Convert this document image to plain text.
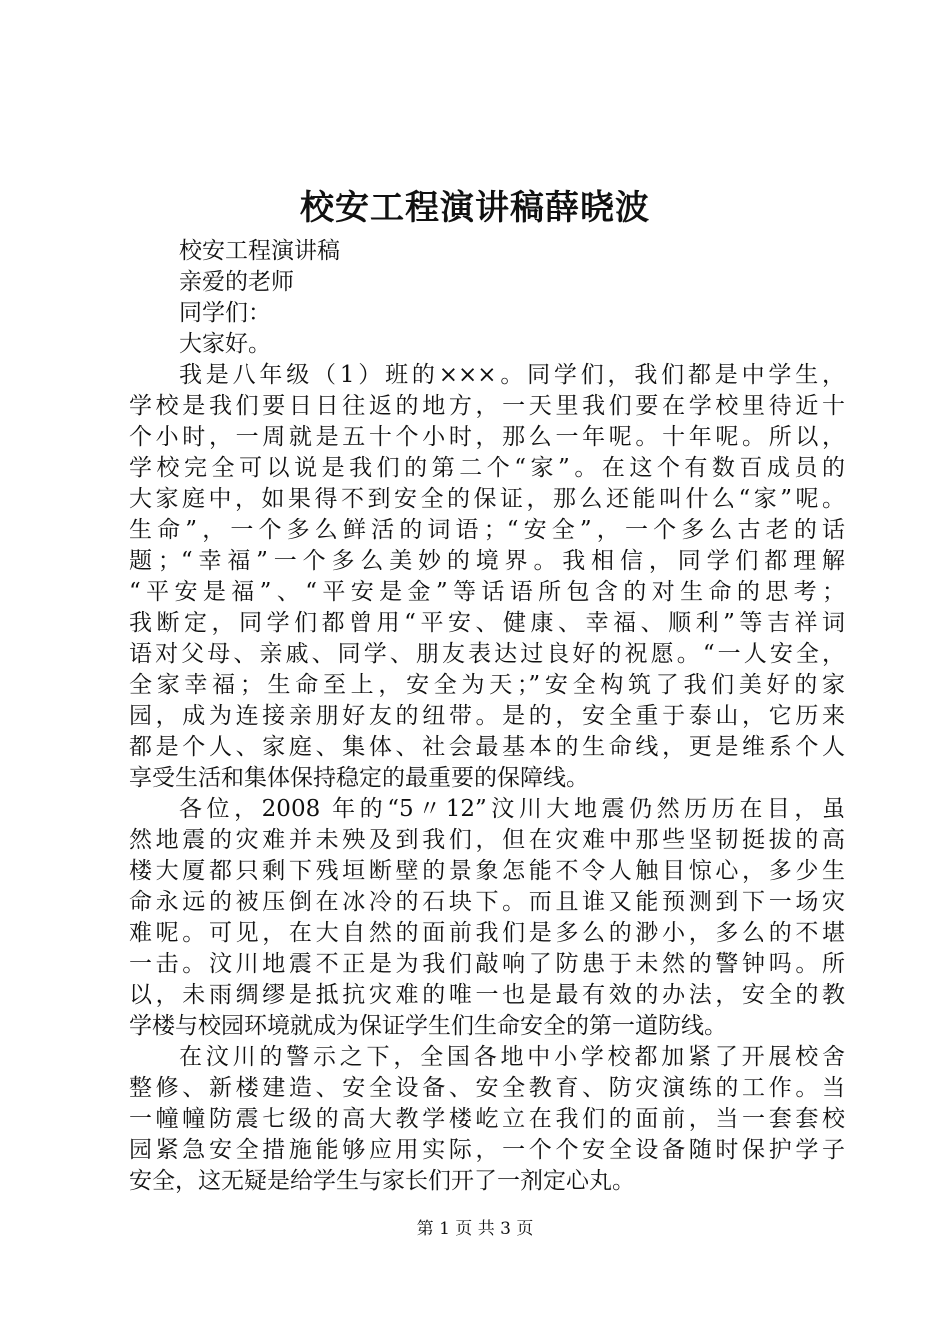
校安工程演讲稿薛晓波
校安工程演讲稿
亲爱的老师
同学们：
大家好。
我是八年级（1）班的×××。同学们，我们都是中学生，
学校是我们要日日往返的地方，一天里我们要在学校里待近十
个小时，一周就是五十个小时，那么一年呢。十年呢。所以，
学校完全可以说是我们的第二个“家”。在这个有数百成员的
大家庭中，如果得不到安全的保证，那么还能叫什么“家”呢。
生命”，一个多么鲜活的词语；“安全”，一个多么古老的话
题；“幸福”一个多么美妙的境界。我相信，同学们都理解
“平安是福”、“平安是金”等话语所包含的对生命的思考；
我断定，同学们都曾用“平安、健康、幸福、顺利”等吉祥词
语对父母、亲戚、同学、朋友表达过良好的祝愿。“一人安全，
全家幸福；生命至上，安全为天；”安全构筑了我们美好的家
园，成为连接亲朋好友的纽带。是的，安全重于泰山，它历来
都是个人、家庭、集体、社会最基本的生命线，更是维系个人
享受生活和集体保持稳定的最重要的保障线。
各位，2008 年的“5〃12”汶川大地震仍然历历在目，虽
然地震的灾难并未殃及到我们，但在灾难中那些坚韧挺拔的高
楼大厦都只剩下残垣断壁的景象怎能不令人触目惊心，多少生
命永远的被压倒在冰冷的石块下。而且谁又能预测到下一场灾
难呢。可见，在大自然的面前我们是多么的渺小，多么的不堪
一击。汶川地震不正是为我们敲响了防患于未然的警钟吗。所
以，未雨绸缪是抵抗灾难的唯一也是最有效的办法，安全的教
学楼与校园环境就成为保证学生们生命安全的第一道防线。
在汶川的警示之下，全国各地中小学校都加紧了开展校舍
整修、新楼建造、安全设备、安全教育、防灾演练的工作。当
一幢幢防震七级的高大教学楼屹立在我们的面前，当一套套校
园紧急安全措施能够应用实际，一个个安全设备随时保护学子
安全，这无疑是给学生与家长们开了一剂定心丸。
第 1 页 共 3 页
